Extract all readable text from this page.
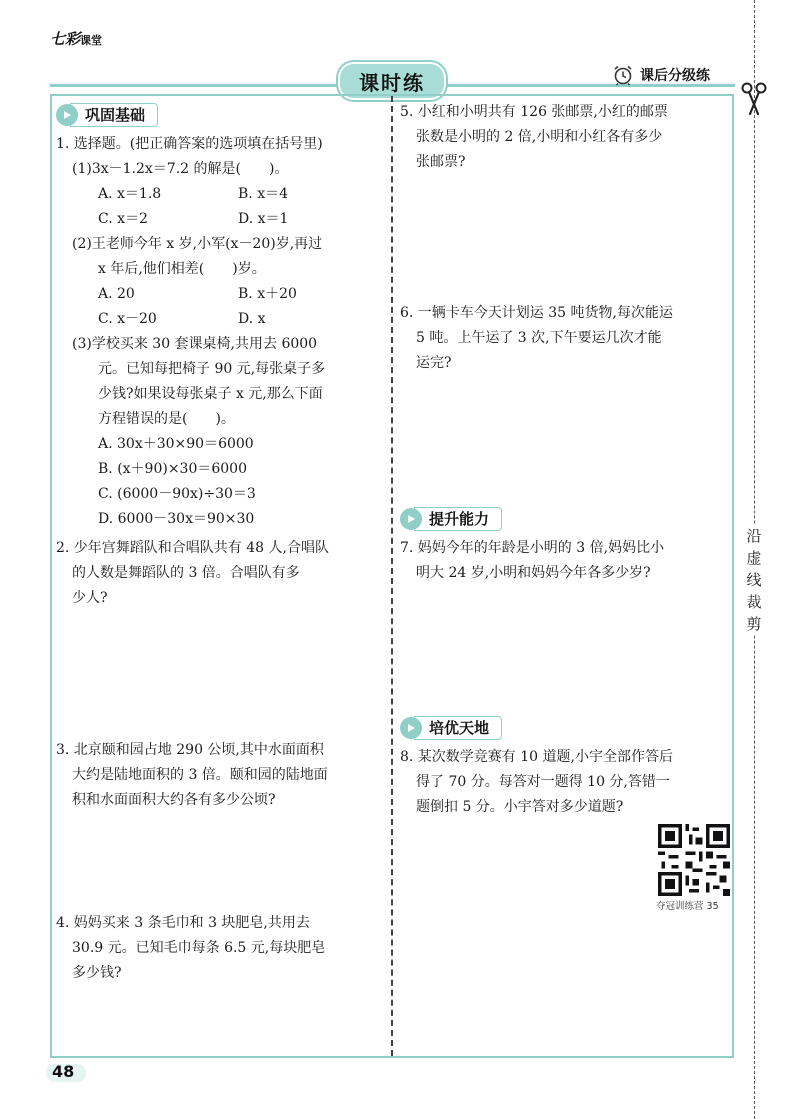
七彩课堂
课时练	课后分级练
沿
虚
线
裁
剪
巩固基础
1. 选择题。(把正确答案的选项填在括号里)
(1)3x－1.2x＝7.2 的解是(　　)。
A. x＝1.8	B. x＝4
C. x＝2	D. x＝1
(2)王老师今年 x 岁,小军(x－20)岁,再过
x 年后,他们相差(　　)岁。
A. 20	B. x＋20
C. x－20	D. x
(3)学校买来 30 套课桌椅,共用去 6000
元。已知每把椅子 90 元,每张桌子多
少钱?如果设每张桌子 x 元,那么下面
方程错误的是(　　)。
A. 30x＋30×90＝6000
B. (x＋90)×30＝6000
C. (6000－90x)÷30＝3
D. 6000－30x＝90×30
2. 少年宫舞蹈队和合唱队共有 48 人,合唱队
的人数是舞蹈队的 3 倍。合唱队有多
少人?
3. 北京颐和园占地 290 公顷,其中水面面积
大约是陆地面积的 3 倍。颐和园的陆地面
积和水面面积大约各有多少公顷?
4. 妈妈买来 3 条毛巾和 3 块肥皂,共用去
30.9 元。已知毛巾每条 6.5 元,每块肥皂
多少钱?
5. 小红和小明共有 126 张邮票,小红的邮票
张数是小明的 2 倍,小明和小红各有多少
张邮票?
6. 一辆卡车今天计划运 35 吨货物,每次能运
5 吨。上午运了 3 次,下午要运几次才能
运完?
提升能力
7. 妈妈今年的年龄是小明的 3 倍,妈妈比小
明大 24 岁,小明和妈妈今年各多少岁?
培优天地
8. 某次数学竞赛有 10 道题,小宇全部作答后
得了 70 分。每答对一题得 10 分,答错一
题倒扣 5 分。小宇答对多少道题?
夺冠训练营 35
48
